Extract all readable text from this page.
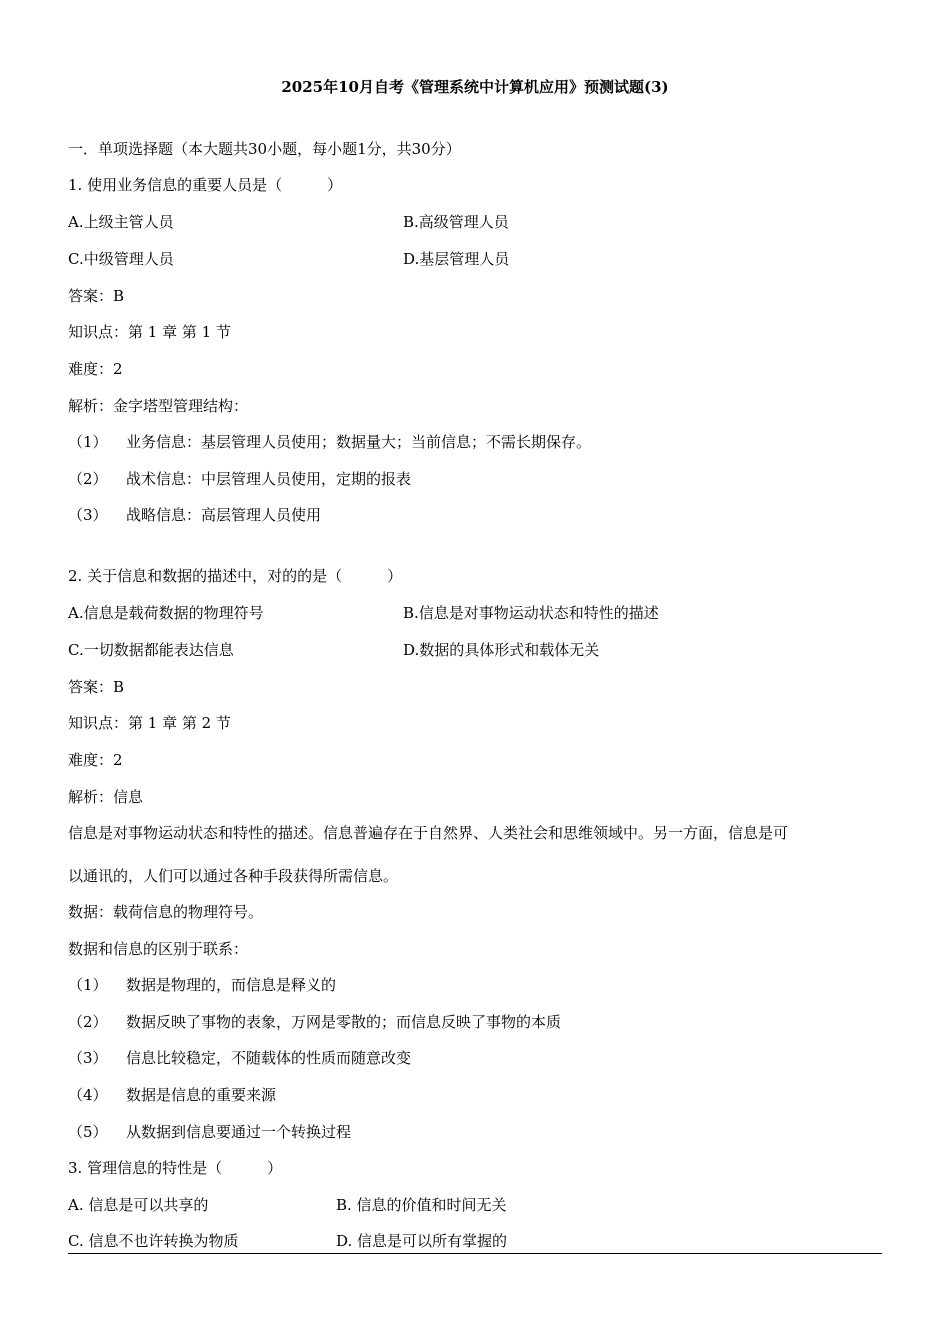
2025年10月自考《管理系统中计算机应用》预测试题(3)
一．单项选择题（本大题共30小题，每小题1分，共30分）
1. 使用业务信息的重要人员是（　　　）
A.上级主管人员	B.高级管理人员
C.中级管理人员	D.基层管理人员
答案：B
知识点：第 1 章 第 1 节
难度：2
解析：金字塔型管理结构：
（1） 业务信息：基层管理人员使用；数据量大；当前信息；不需长期保存。
（2） 战术信息：中层管理人员使用，定期的报表
（3） 战略信息：高层管理人员使用
2. 关于信息和数据的描述中，对的的是（　　　）
A.信息是载荷数据的物理符号	B.信息是对事物运动状态和特性的描述
C.一切数据都能表达信息	D.数据的具体形式和载体无关
答案：B
知识点：第 1 章 第 2 节
难度：2
解析：信息
信息是对事物运动状态和特性的描述。信息普遍存在于自然界、人类社会和思维领域中。另一方面，信息是可
以通讯的，人们可以通过各种手段获得所需信息。
数据：载荷信息的物理符号。
数据和信息的区别于联系：
（1） 数据是物理的，而信息是释义的
（2） 数据反映了事物的表象，万网是零散的；而信息反映了事物的本质
（3） 信息比较稳定，不随载体的性质而随意改变
（4） 数据是信息的重要来源
（5） 从数据到信息要通过一个转换过程
3. 管理信息的特性是（　　　）
A. 信息是可以共享的	B. 信息的价值和时间无关
C. 信息不也许转换为物质	D. 信息是可以所有掌握的
